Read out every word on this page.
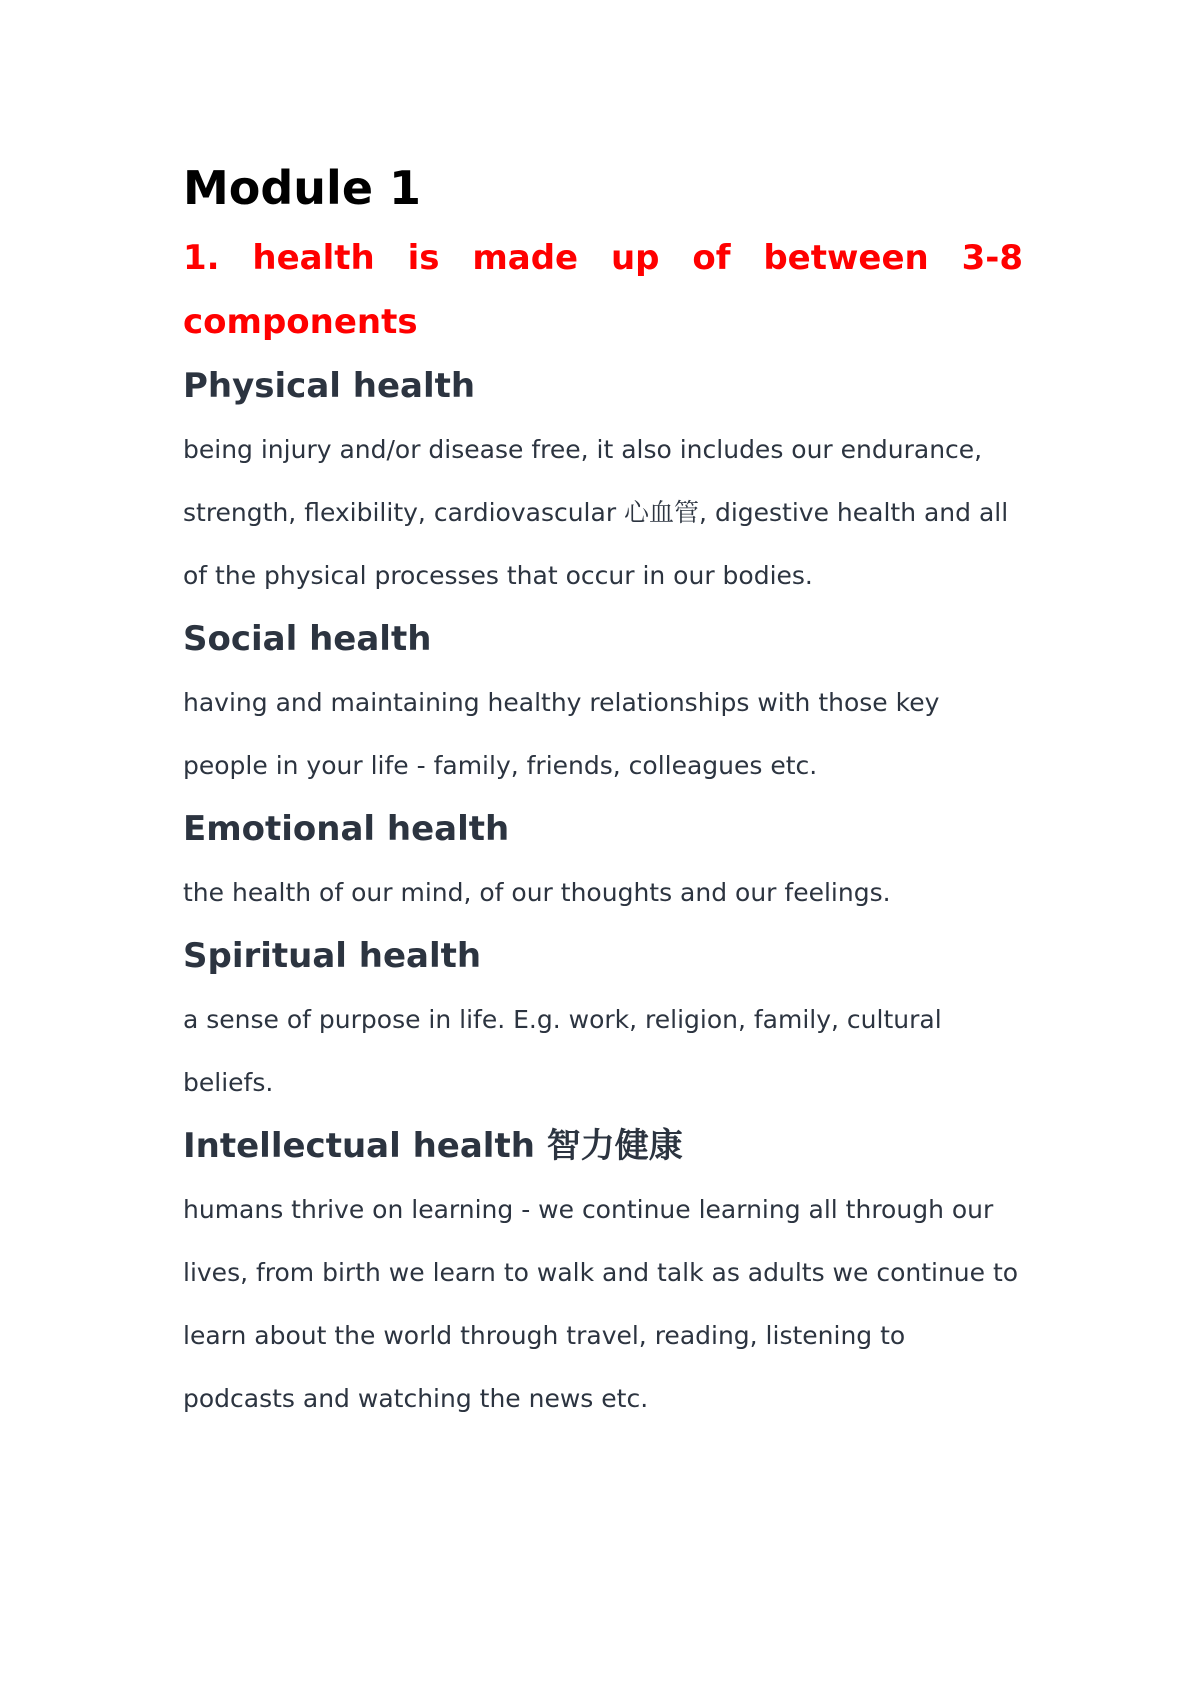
Module 1

1. health is made up of between 3-8 components

Physical health

being injury and/or disease free, it also includes our endurance, strength, flexibility, cardiovascular 心血管, digestive health and all of the physical processes that occur in our bodies.

Social health

having and maintaining healthy relationships with those key people in your life - family, friends, colleagues etc.

Emotional health

the health of our mind, of our thoughts and our feelings.

Spiritual health

a sense of purpose in life. E.g. work, religion, family, cultural beliefs.

Intellectual health 智力健康

humans thrive on learning - we continue learning all through our lives, from birth we learn to walk and talk as adults we continue to learn about the world through travel, reading, listening to podcasts and watching the news etc.
